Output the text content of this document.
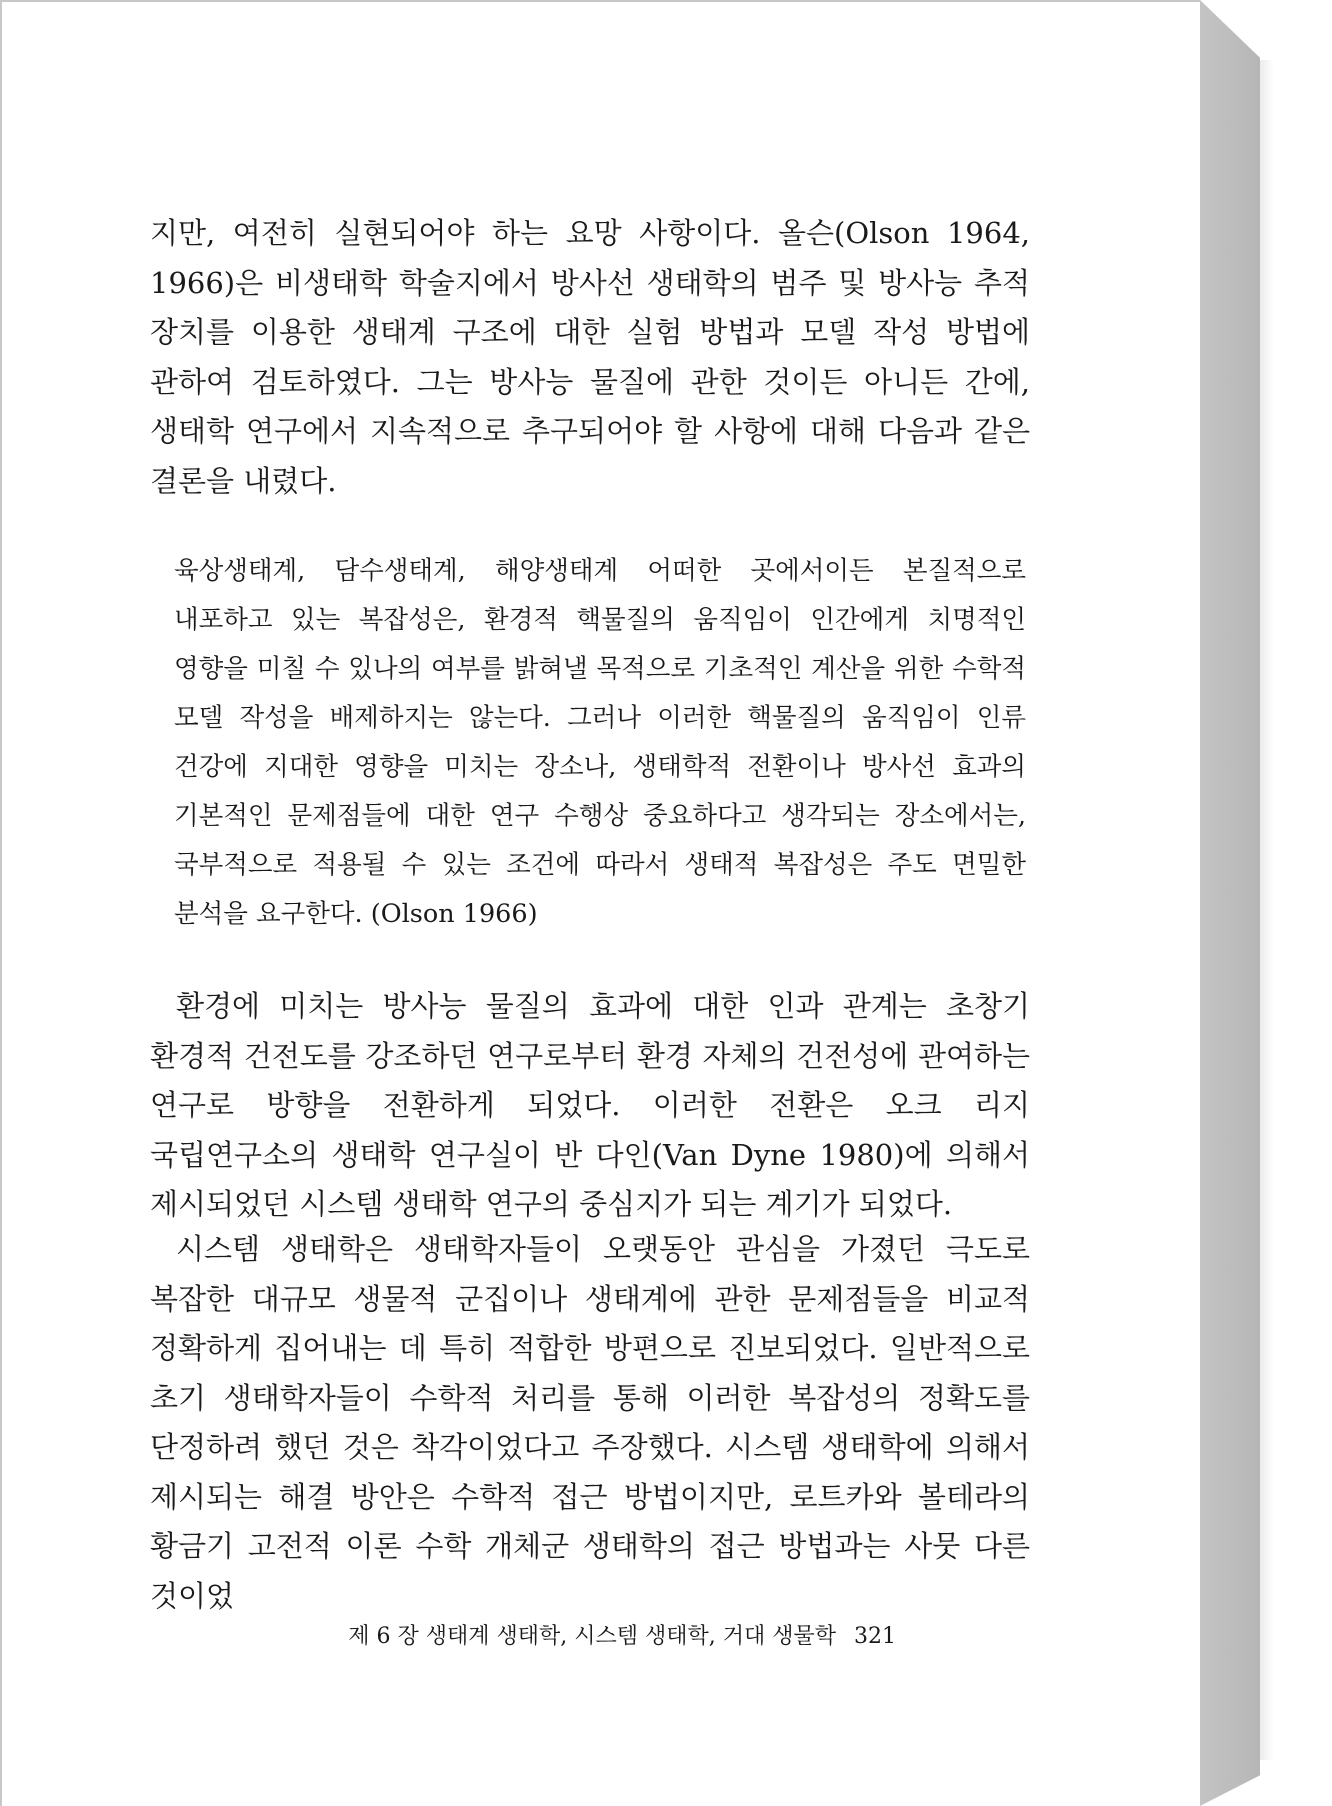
지만, 여전히 실현되어야 하는 요망 사항이다. 올슨(Olson 1964, 1966)은 비생태학 학술지에서 방사선 생태학의 범주 및 방사능 추적 장치를 이용한 생태계 구조에 대한 실험 방법과 모델 작성 방법에 관하여 검토하였다. 그는 방사능 물질에 관한 것이든 아니든 간에, 생태학 연구에서 지속적으로 추구되어야 할 사항에 대해 다음과 같은 결론을 내렸다.

육상생태계, 담수생태계, 해양생태계 어떠한 곳에서이든 본질적으로 내포하고 있는 복잡성은, 환경적 핵물질의 움직임이 인간에게 치명적인 영향을 미칠 수 있나의 여부를 밝혀낼 목적으로 기초적인 계산을 위한 수학적 모델 작성을 배제하지는 않는다. 그러나 이러한 핵물질의 움직임이 인류 건강에 지대한 영향을 미치는 장소나, 생태학적 전환이나 방사선 효과의 기본적인 문제점들에 대한 연구 수행상 중요하다고 생각되는 장소에서는, 국부적으로 적용될 수 있는 조건에 따라서 생태적 복잡성은 주도 면밀한 분석을 요구한다. (Olson 1966)

환경에 미치는 방사능 물질의 효과에 대한 인과 관계는 초창기 환경적 건전도를 강조하던 연구로부터 환경 자체의 건전성에 관여하는 연구로 방향을 전환하게 되었다. 이러한 전환은 오크 리지 국립연구소의 생태학 연구실이 반 다인(Van Dyne 1980)에 의해서 제시되었던 시스템 생태학 연구의 중심지가 되는 계기가 되었다.

시스템 생태학은 생태학자들이 오랫동안 관심을 가졌던 극도로 복잡한 대규모 생물적 군집이나 생태계에 관한 문제점들을 비교적 정확하게 집어내는 데 특히 적합한 방편으로 진보되었다. 일반적으로 초기 생태학자들이 수학적 처리를 통해 이러한 복잡성의 정확도를 단정하려 했던 것은 착각이었다고 주장했다. 시스템 생태학에 의해서 제시되는 해결 방안은 수학적 접근 방법이지만, 로트카와 볼테라의 황금기 고전적 이론 수학 개체군 생태학의 접근 방법과는 사뭇 다른 것이었

제 6 장 생태계 생태학, 시스템 생태학, 거대 생물학 321
